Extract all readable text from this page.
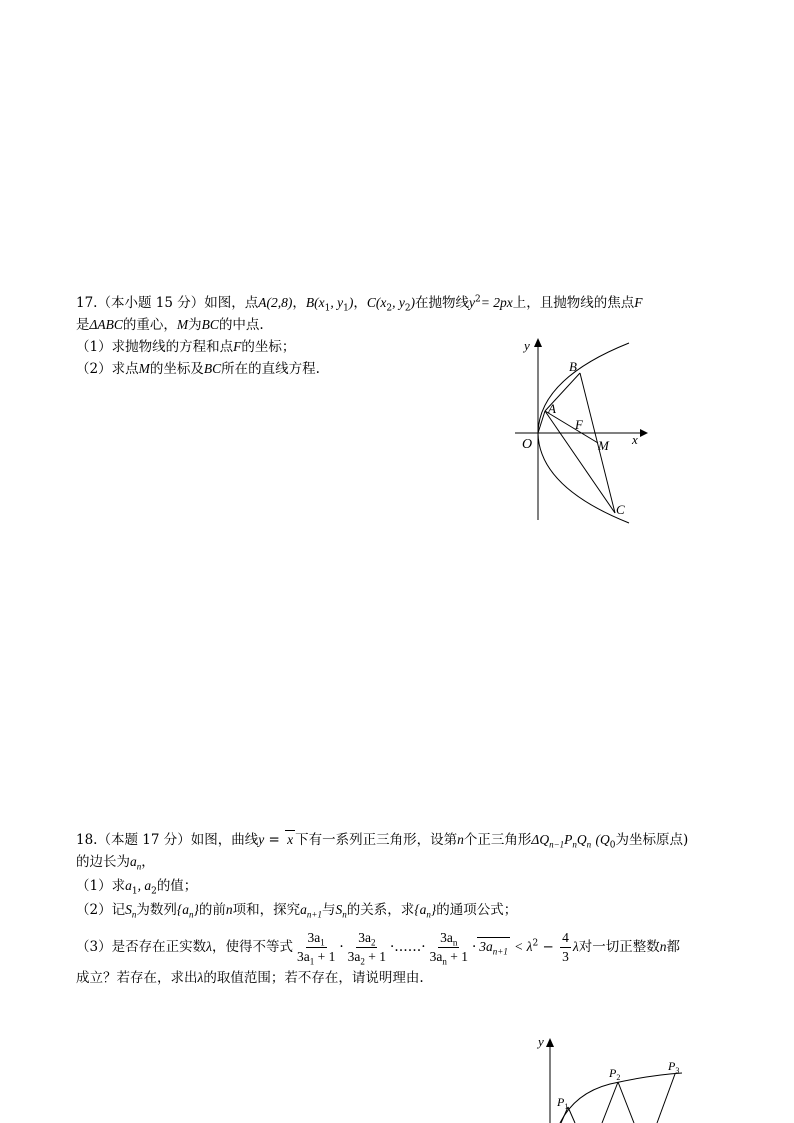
17.（本小题 15 分）如图，点A(2,8)，$B(x_1$, $y_1$)，$C(x_2$, $y_2$)在抛物线$y^2= 2px$上，且抛物线的焦点F
是ΔABC的重心，M为BC的中点.
（1）求抛物线的方程和点F的坐标；
（2）求点M的坐标及BC所在的直线方程.
y
x
O
A
B
C
F
M
18.（本题 17 分）如图，曲线y = x 下有一系列正三角形，设第n个正三角形$\Delta Q_{n-1}P_nQ_n$ ($Q_0$为坐标原点)
的边长为$a_n$，
（1）求$a_1$, $a_2$的值；
（2）记$S_n$为数列$\{a_n\}$的前n项和，探究$a_{n+1}$与$S_n$的关系，求$\{a_n\}$的通项公式；
（3）是否存在正实数λ，使得不等式 $\frac{3a_1}{3a_1 + 1} \cdot \frac{3a_2}{3a_2 + 1}$ ·……· $\frac{3a_n}{3a_n + 1} \cdot 3a_{n+1} < \lambda^2 - \frac{4}{3}$ λ对一切正整数n都
成立？若存在，求出λ的取值范围；若不存在，请说明理由.
y
$P_1$
$P_2$
$P_3$
